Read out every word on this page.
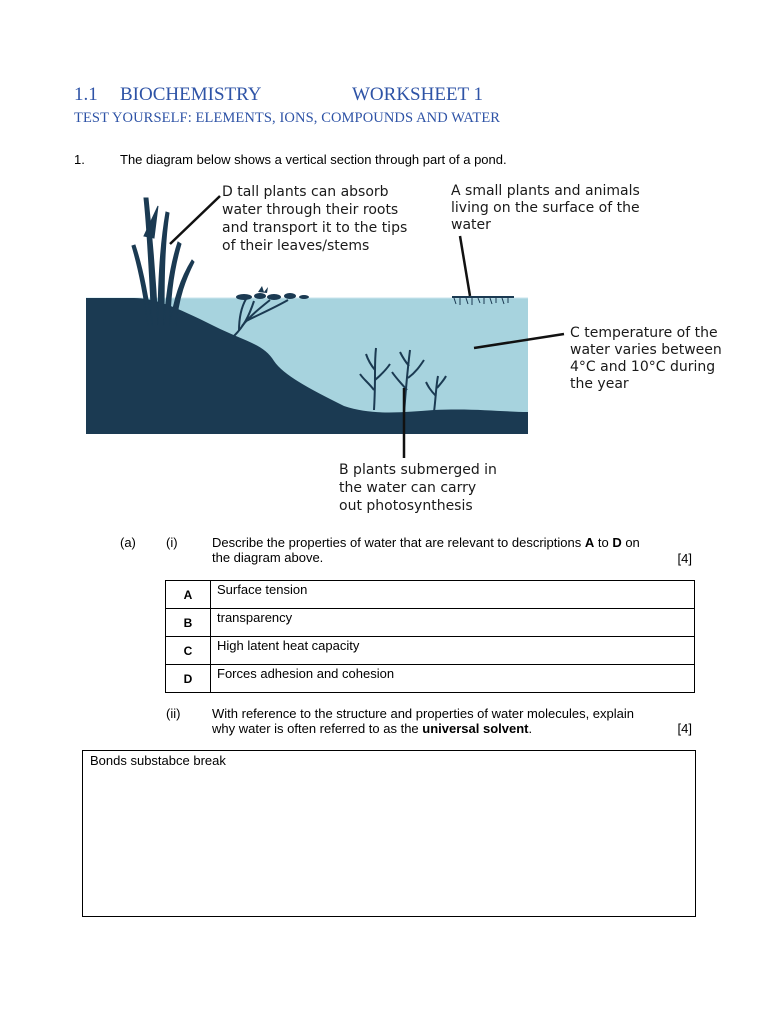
1.1 BIOCHEMISTRY	WORKSHEET 1
TEST YOURSELF: ELEMENTS, IONS, COMPOUNDS AND WATER
1.	The diagram below shows a vertical section through part of a pond.
D tall plants can absorb water through their roots and transport it to the tips of their leaves/stems
A small plants and animals living on the surface of the water
C temperature of the water varies between 4°C and 10°C during the year
B plants submerged in the water can carry out photosynthesis
(a) (i)	Describe the properties of water that are relevant to descriptions A to D on
the diagram above.	[4]
A	Surface tension
B	transparency
C	High latent heat capacity
D	Forces adhesion and cohesion
(ii) With reference to the structure and properties of water molecules, explain
why water is often referred to as the universal solvent.	[4]
Bonds substabce break
